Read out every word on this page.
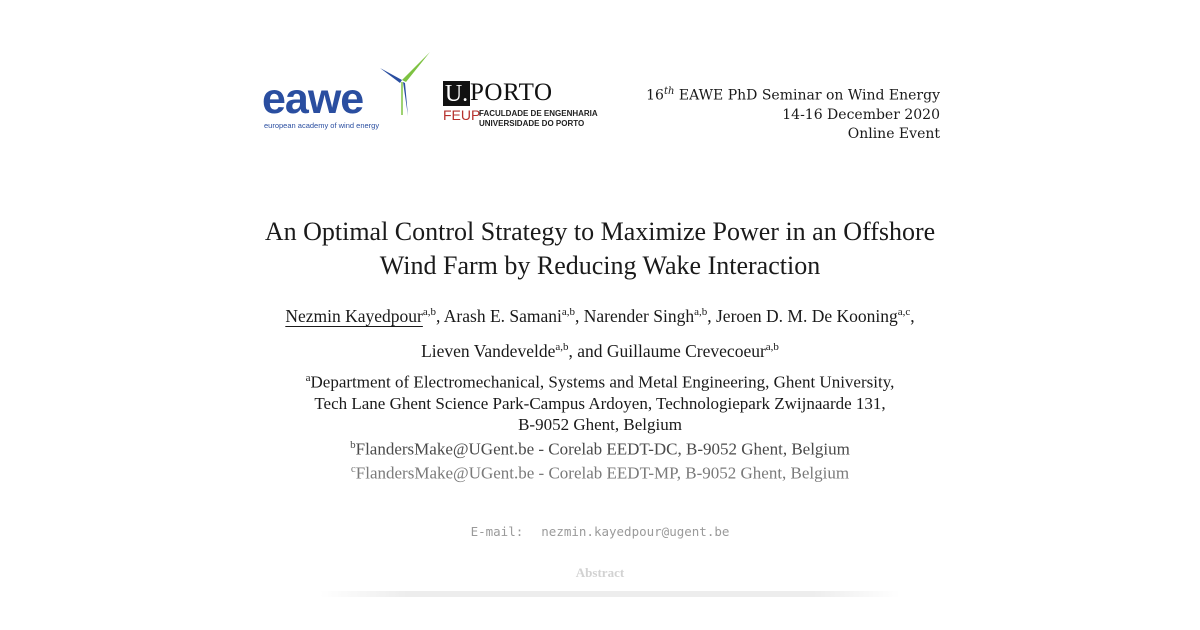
eawe
european academy of wind energy
U. PORTO
FEUP
FACULDADE DE ENGENHARIA
UNIVERSIDADE DO PORTO
16th EAWE PhD Seminar on Wind Energy
14-16 December 2020
Online Event
An Optimal Control Strategy to Maximize Power in an Offshore
Wind Farm by Reducing Wake Interaction
Nezmin Kayedpour$^{a,b}$, Arash E. Samani$^{a,b}$, Narender Singh$^{a,b}$, Jeroen D. M. De Kooning$^{a,c}$, Lieven Vandevelde$^{a,b}$, and Guillaume Crevecoeur$^{a,b}$
$^a$Department of Electromechanical, Systems and Metal Engineering, Ghent University,
Tech Lane Ghent Science Park-Campus Ardoyen, Technologiepark Zwijnaarde 131,
B-9052 Ghent, Belgium
$^b$FlandersMake@UGent.be - Corelab EEDT-DC, B-9052 Ghent, Belgium
$^c$FlandersMake@UGent.be - Corelab EEDT-MP, B-9052 Ghent, Belgium
E-mail: nezmin.kayedpour@ugent.be
Abstract
